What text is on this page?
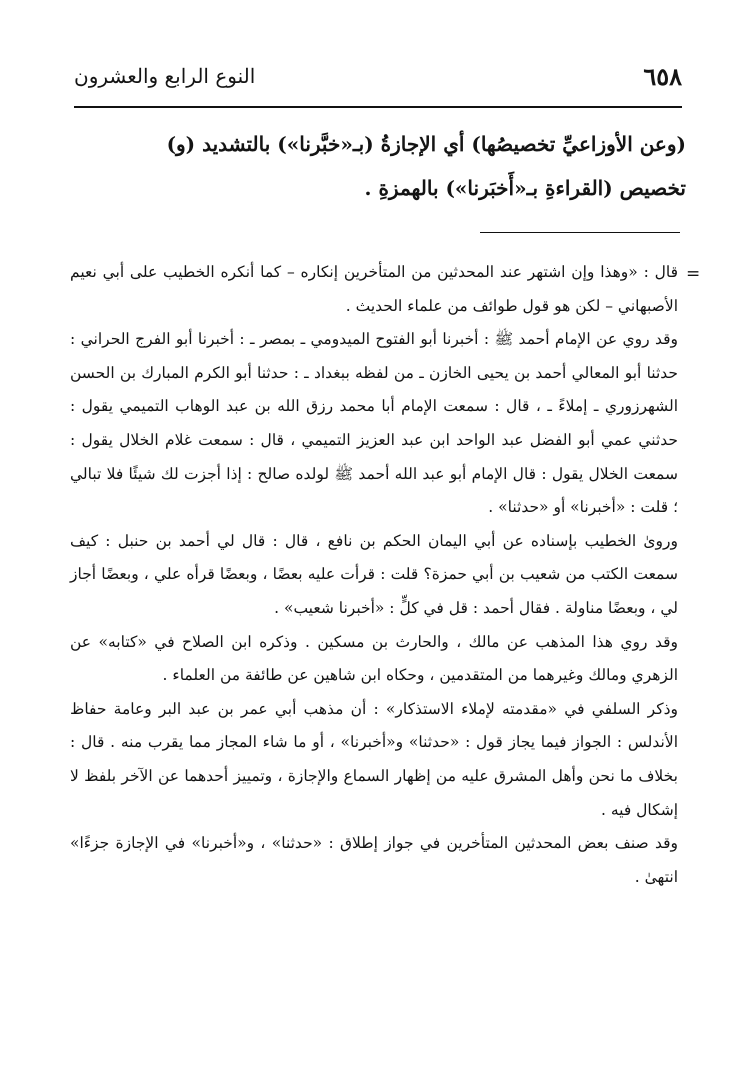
٦٥٨
النوع الرابع والعشرون

(وعن الأوزاعيِّ تخصيصُها) أي الإجازةُ (بـ«خبَّرنا») بالتشديد (و)

تخصيص (القراءةِ بـ«أَخبَرنا») بالهمزةِ .

=

قال : «وهذا وإن اشتهر عند المحدثين من المتأخرين إنكاره – كما أنكره الخطيب على أبي نعيم الأصبهاني – لكن هو قول طوائف من علماء الحديث .

وقد روي عن الإمام أحمد ﷺ : أخبرنا أبو الفتوح الميدومي ـ بمصر ـ : أخبرنا أبو الفرج الحراني : حدثنا أبو المعالي أحمد بن يحيى الخازن ـ من لفظه ببغداد ـ : حدثنا أبو الكرم المبارك بن الحسن الشهرزوري ـ إملاءً ـ ، قال : سمعت الإمام أبا محمد رزق الله بن عبد الوهاب التميمي يقول : حدثني عمي أبو الفضل عبد الواحد ابن عبد العزيز التميمي ، قال : سمعت غلام الخلال يقول : سمعت الخلال يقول : قال الإمام أبو عبد الله أحمد ﷺ لولده صالح : إذا أجزت لك شيئًا فلا تبالي ؛ قلت : «أخبرنا» أو «حدثنا» .

وروىٰ الخطيب بإسناده عن أبي اليمان الحكم بن نافع ، قال : قال لي أحمد بن حنبل : كيف سمعت الكتب من شعيب بن أبي حمزة؟ قلت : قرأت عليه بعضًا ، وبعضًا قرأه علي ، وبعضًا أجاز لي ، وبعضًا مناولة . فقال أحمد : قل في كلٍّ : «أخبرنا شعيب» .

وقد روي هذا المذهب عن مالك ، والحارث بن مسكين . وذكره ابن الصلاح في «كتابه» عن الزهري ومالك وغيرهما من المتقدمين ، وحكاه ابن شاهين عن طائفة من العلماء .

وذكر السلفي في «مقدمته لإملاء الاستذكار» : أن مذهب أبي عمر بن عبد البر وعامة حفاظ الأندلس : الجواز فيما يجاز قول : «حدثنا» و«أخبرنا» ، أو ما شاء المجاز مما يقرب منه . قال : بخلاف ما نحن وأهل المشرق عليه من إظهار السماع والإجازة ، وتمييز أحدهما عن الآخر بلفظ لا إشكال فيه .

وقد صنف بعض المحدثين المتأخرين في جواز إطلاق : «حدثنا» ، و«أخبرنا» في الإجازة جزءًا» انتهىٰ .
